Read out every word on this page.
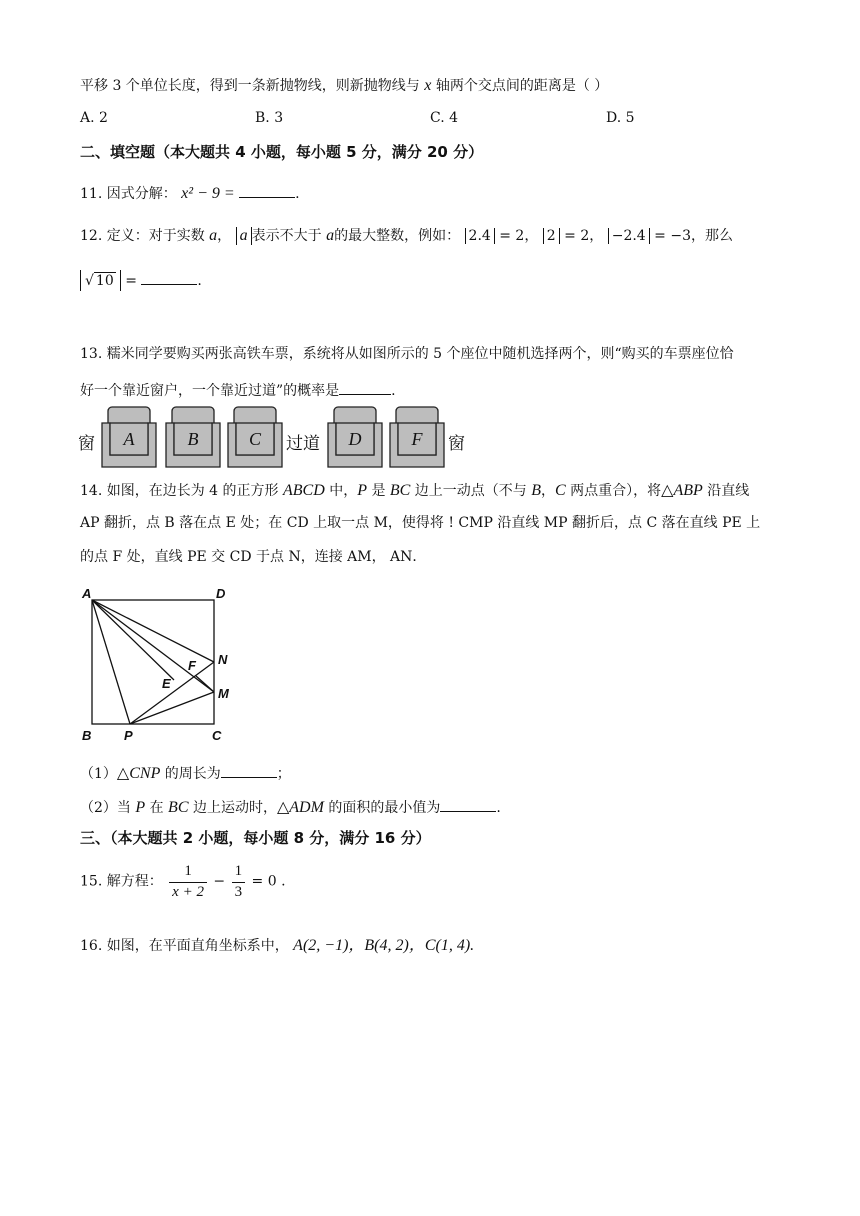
平移 3 个单位长度，得到一条新抛物线，则新抛物线与 x 轴两个交点间的距离是（ ）
A. 2	B. 3	C. 4	D. 5
二、填空题（本大题共 4 小题，每小题 5 分，满分 20 分）
11. 因式分解： x² − 9 =	.
12. 定义：对于实数 a， a 表示不大于 a的最大整数，例如： 2.4 = 2， 2 = 2， −2.4 = −3，那么
√ 10 =	.
13. 糯米同学要购买两张高铁车票，系统将从如图所示的 5 个座位中随机选择两个，则“购买的车票座位恰
好一个靠近窗户，一个靠近过道”的概率是	.
窗 A	B	C 过道 D	F 窗
14. 如图，在边长为 4 的正方形 ABCD 中，P 是 BC 边上一动点（不与 B，C 两点重合），将△ABP 沿直线
AP 翻折，点 B 落在点 E 处；在 CD 上取一点 M，使得将 ! CMP 沿直线 MP 翻折后，点 C 落在直线 PE 上
的点 F 处，直线 PE 交 CD 于点 N，连接 AM， AN．
A	D
N
F
E
M
B	P	C
（1）△CNP 的周长为	；
（2）当 P 在 BC 边上运动时，△ADM 的面积的最小值为	.
三、（本大题共 2 小题，每小题 8 分，满分 16 分）
15. 解方程： $\frac{1}{x + 2} - \frac{1}{3} = 0$ .
16. 如图，在平面直角坐标系中， A(2, −1)，B(4, 2)，C(1, 4).
